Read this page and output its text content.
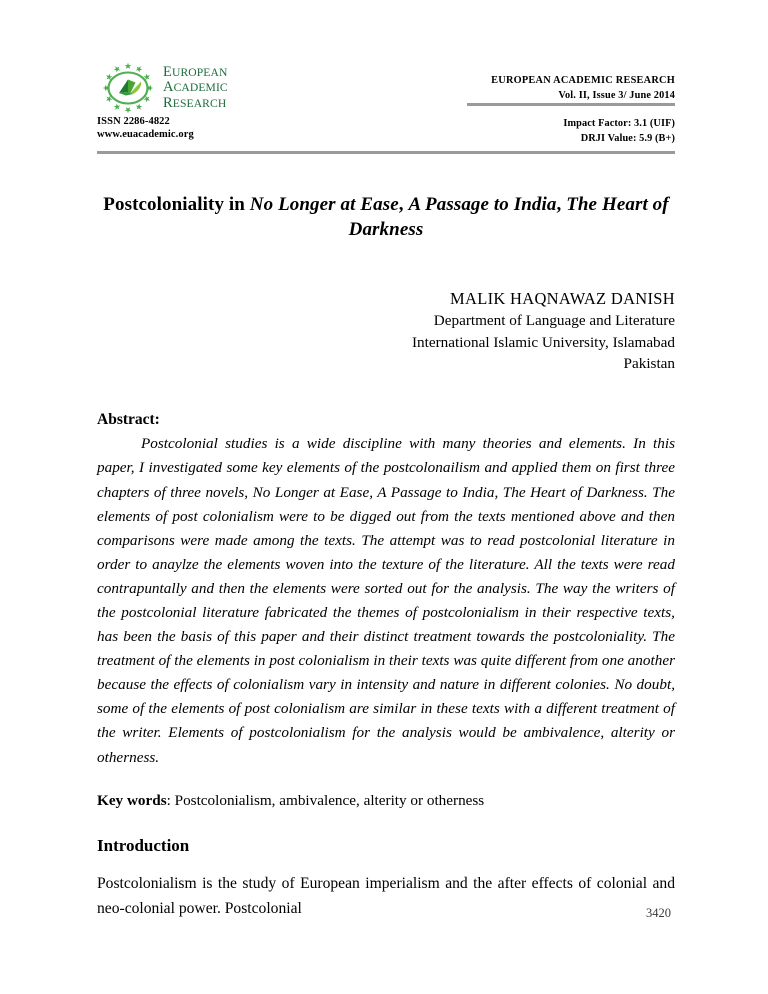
EUROPEAN
ACADEMIC
RESEARCH
ISSN 2286-4822
www.euacademic.org
EUROPEAN ACADEMIC RESEARCH
Vol. II, Issue 3/ June 2014
Impact Factor: 3.1 (UIF)
DRJI Value: 5.9 (B+)
Postcoloniality in No Longer at Ease, A Passage to India, The Heart of Darkness
MALIK HAQNAWAZ DANISH
Department of Language and Literature
International Islamic University, Islamabad
Pakistan
Abstract:

Postcolonial studies is a wide discipline with many theories and elements. In this paper, I investigated some key elements of the postcolonailism and applied them on first three chapters of three novels, No Longer at Ease, A Passage to India, The Heart of Darkness. The elements of post colonialism were to be digged out from the texts mentioned above and then comparisons were made among the texts. The attempt was to read postcolonial literature in order to anaylze the elements woven into the texture of the literature. All the texts were read contrapuntally and then the elements were sorted out for the analysis. The way the writers of the postcolonial literature fabricated the themes of postcolonialism in their respective texts, has been the basis of this paper and their distinct treatment towards the postcoloniality. The treatment of the elements in post colonialism in their texts was quite different from one another because the effects of colonialism vary in intensity and nature in different colonies. No doubt, some of the elements of post colonialism are similar in these texts with a different treatment of the writer. Elements of postcolonialism for the analysis would be ambivalence, alterity or otherness.

Key words: Postcolonialism, ambivalence, alterity or otherness
Introduction

Postcolonialism is the study of European imperialism and the after effects of colonial and neo-colonial power. Postcolonial	3420
